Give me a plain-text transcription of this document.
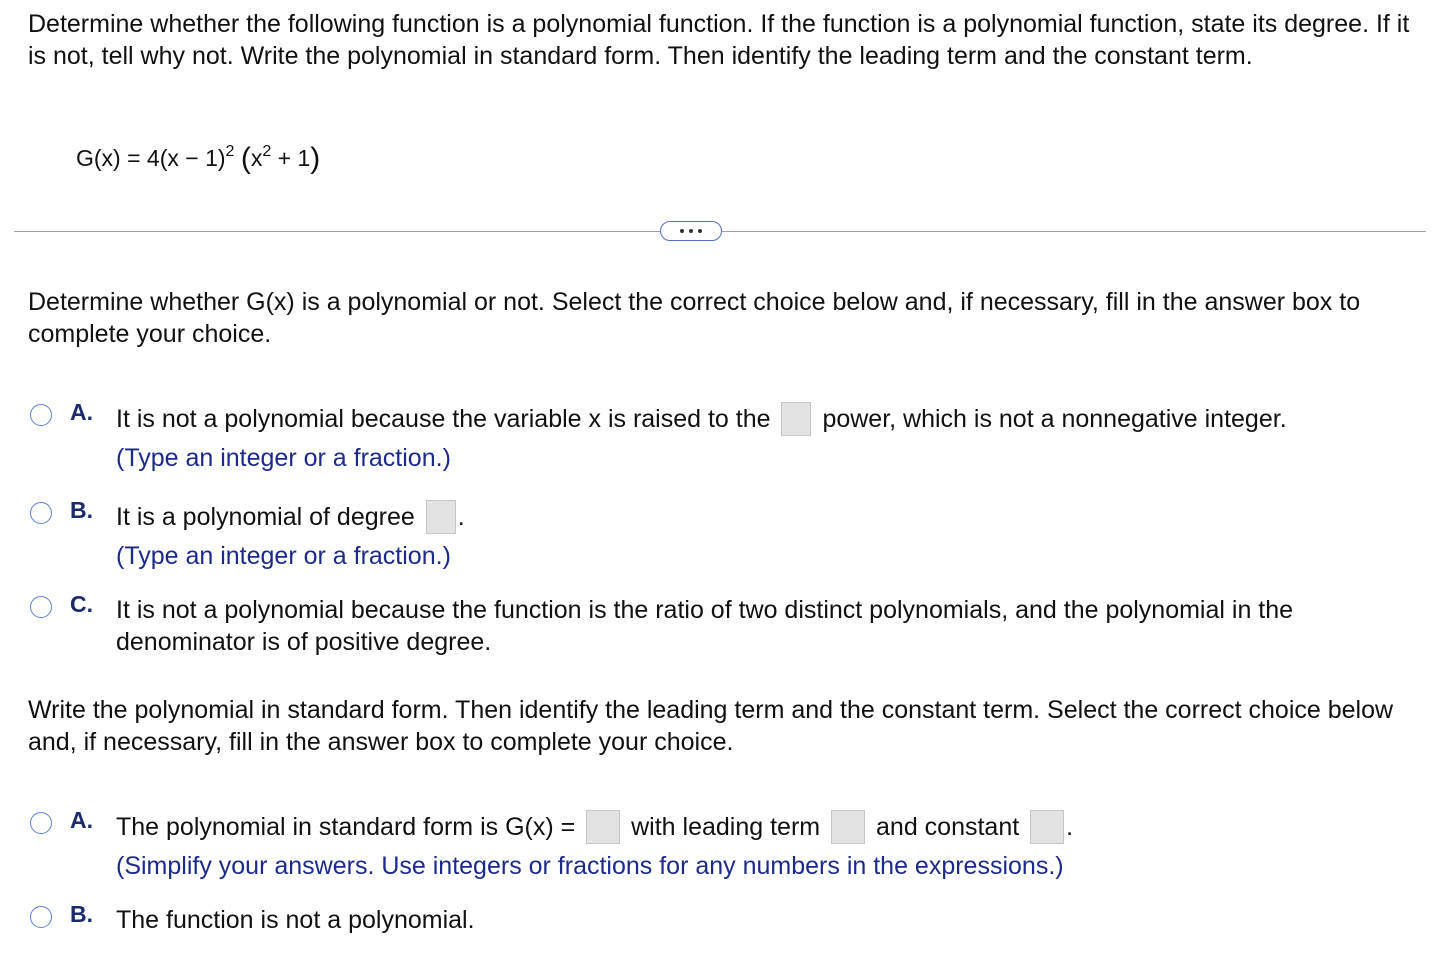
Determine whether the following function is a polynomial function. If the function is a polynomial function, state its degree. If it is not, tell why not. Write the polynomial in standard form. Then identify the leading term and the constant term.

$G(x) = 4(x - 1)^2$ $(x^2 + 1)$

Determine whether G(x) is a polynomial or not. Select the correct choice below and, if necessary, fill in the answer box to complete your choice.

A. It is not a polynomial because the variable x is raised to the power, which is not a nonnegative integer.
(Type an integer or a fraction.)
B. It is a polynomial of degree .
(Type an integer or a fraction.)
C. It is not a polynomial because the function is the ratio of two distinct polynomials, and the polynomial in the
denominator is of positive degree.

Write the polynomial in standard form. Then identify the leading term and the constant term. Select the correct choice below and, if necessary, fill in the answer box to complete your choice.

A. The polynomial in standard form is G(x) = with leading term and constant .
(Simplify your answers. Use integers or fractions for any numbers in the expressions.)
B. The function is not a polynomial.
